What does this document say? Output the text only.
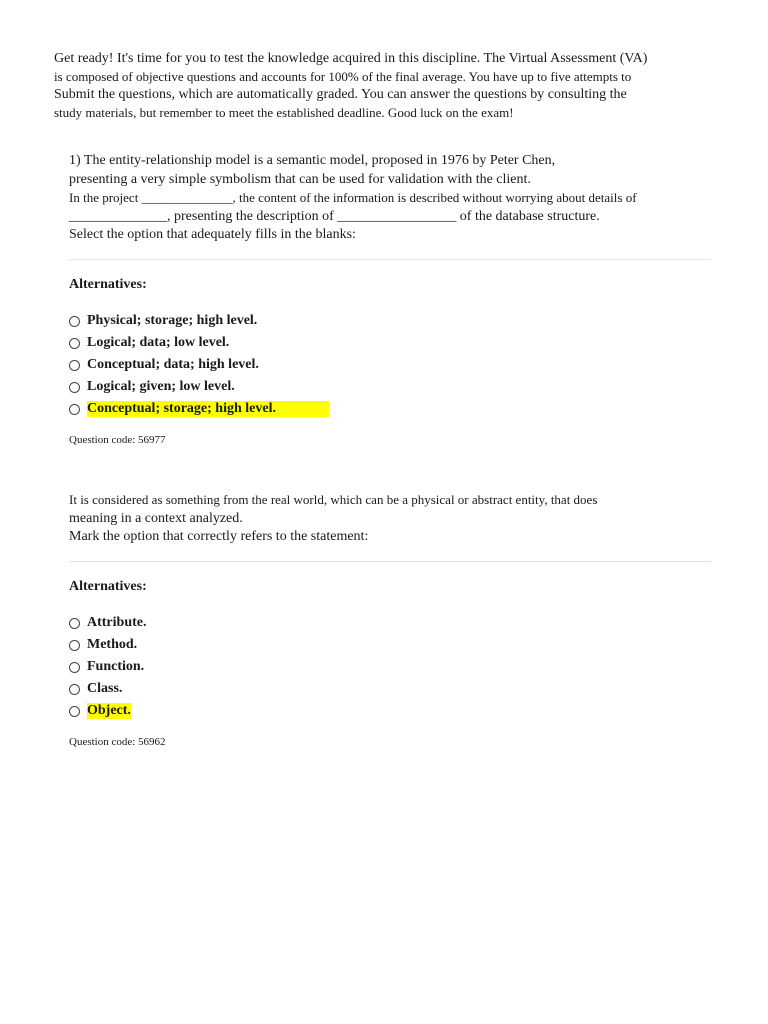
Get ready! It's time for you to test the knowledge acquired in this discipline. The Virtual Assessment (VA)
is composed of objective questions and accounts for 100% of the final average. You have up to five attempts to
Submit the questions, which are automatically graded. You can answer the questions by consulting the
study materials, but remember to meet the established deadline. Good luck on the exam!
1) The entity-relationship model is a semantic model, proposed in 1976 by Peter Chen,
presenting a very simple symbolism that can be used for validation with the client.
In the project ______________, the content of the information is described without worrying about details of
______________, presenting the description of _________________ of the database structure.
Select the option that adequately fills in the blanks:
Alternatives:
Physical; storage; high level.
Logical; data; low level.
Conceptual; data; high level.
Logical; given; low level.
Conceptual; storage; high level.
Question code: 56977
It is considered as something from the real world, which can be a physical or abstract entity, that does
meaning in a context analyzed.
Mark the option that correctly refers to the statement:
Alternatives:
Attribute.
Method.
Function.
Class.
Object.
Question code: 56962
